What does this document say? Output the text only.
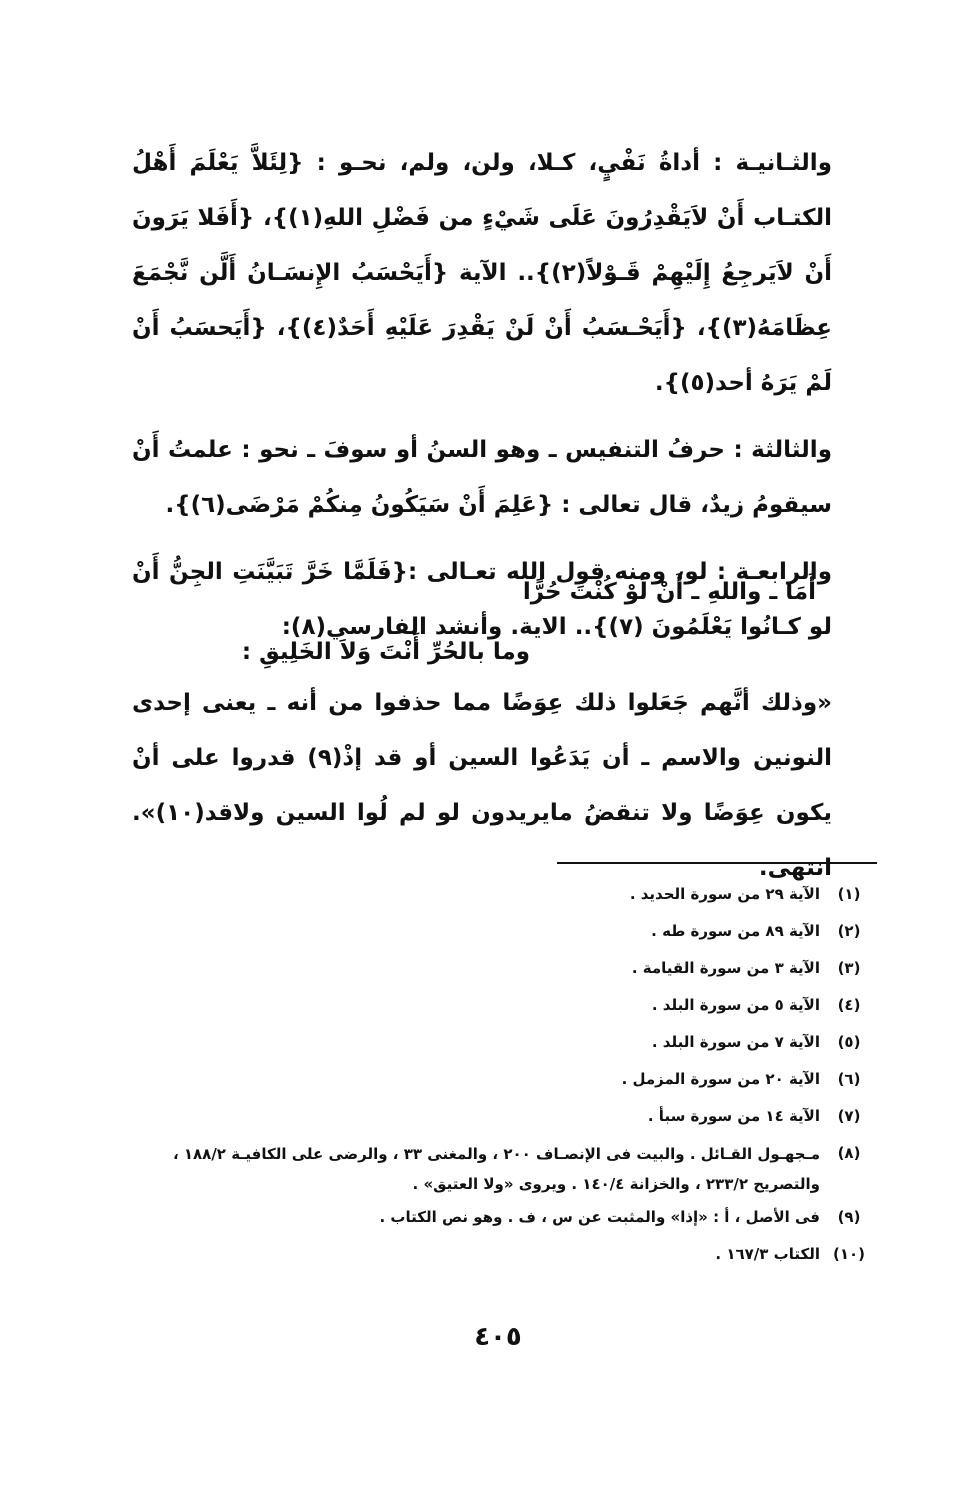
والثـانيـة : أداةُ نَفْيٍ، كـلا، ولن، ولم، نحـو : {لِئَلاَّ يَعْلَمَ أَهْلُ الكتـاب أَنْ لاَيَقْدِرُونَ عَلَى شَيْءٍ من فَضْلِ اللهِ(١)}، {أَفَلا يَرَونَ أَنْ لاَيَرجِعُ إِلَيْهِمْ قَـوْلاً(٢)}.. الآية {أَيَحْسَبُ الإِنسَـانُ أَلَّن نَّجْمَعَ عِظَامَهُ(٣)}، {أَيَحْـسَبُ أَنْ لَنْ يَقْدِرَ عَلَيْهِ أَحَدٌ(٤)}، {أَيَحسَبُ أَنْ لَمْ يَرَهُ أحد(٥)}.

والثالثة : حرفُ التنفيس ـ وهو السنُ أو سوفَ ـ نحو : علمتُ أَنْ سيقومُ زيدٌ، قال تعالى : {عَلِمَ أَنْ سَيَكُونُ مِنكُمْ مَرْضَى(٦)}.

والرابعـة : لو، ومنه قول الله تعـالى :{فَلَمَّا خَرَّ تَبَيَّنَتِ الجِنُّ أَنْ لو كـانُوا يَعْلَمُونَ (٧)}.. الاية. وأنشد الفارسي(٨):

أَمَا ـ واللهِ ـ أَنْ لَوْ كُنْتَ حُرًّا
وما بالحُرِّ أَنْتَ وَلاَ الخَلِيقِ :

«وذلك أنَّهم جَعَلوا ذلك عِوَضًا مما حذفوا من أنه ـ يعنى إحدى النونين والاسم ـ أن يَدَعُوا السين أو قد إذْ(٩) قدروا على أنْ يكون عِوَضًا ولا تنقضُ مايريدون لو لم لُوا السين ولاقد(١٠)». انتهى.

(١)
الآية ٢٩ من سورة الحديد .
(٢)
الآية ٨٩ من سورة طه .
(٣)
الآية ٣ من سورة القيامة .
(٤)
الآية ٥ من سورة البلد .
(٥)
الآية ٧ من سورة البلد .
(٦)
الآية ٢٠ من سورة المزمل .
(٧)
الآية ١٤ من سورة سبأ .
(٨)
مـجهـول القـائل . والبيت فى الإنصـاف ٢٠٠ ، والمغنى ٣٣ ، والرضى على الكافيـة ١٨٨/٢ ، والتصريح ٢٣٣/٢ ، والخزانة ١٤٠/٤ . ويروى «ولا العتيق» .
(٩)
فى الأصل ، أ : «إذا» والمثبت عن س ، ف . وهو نص الكتاب .
(١٠)
الكتاب ١٦٧/٣ .
٤٠٥
